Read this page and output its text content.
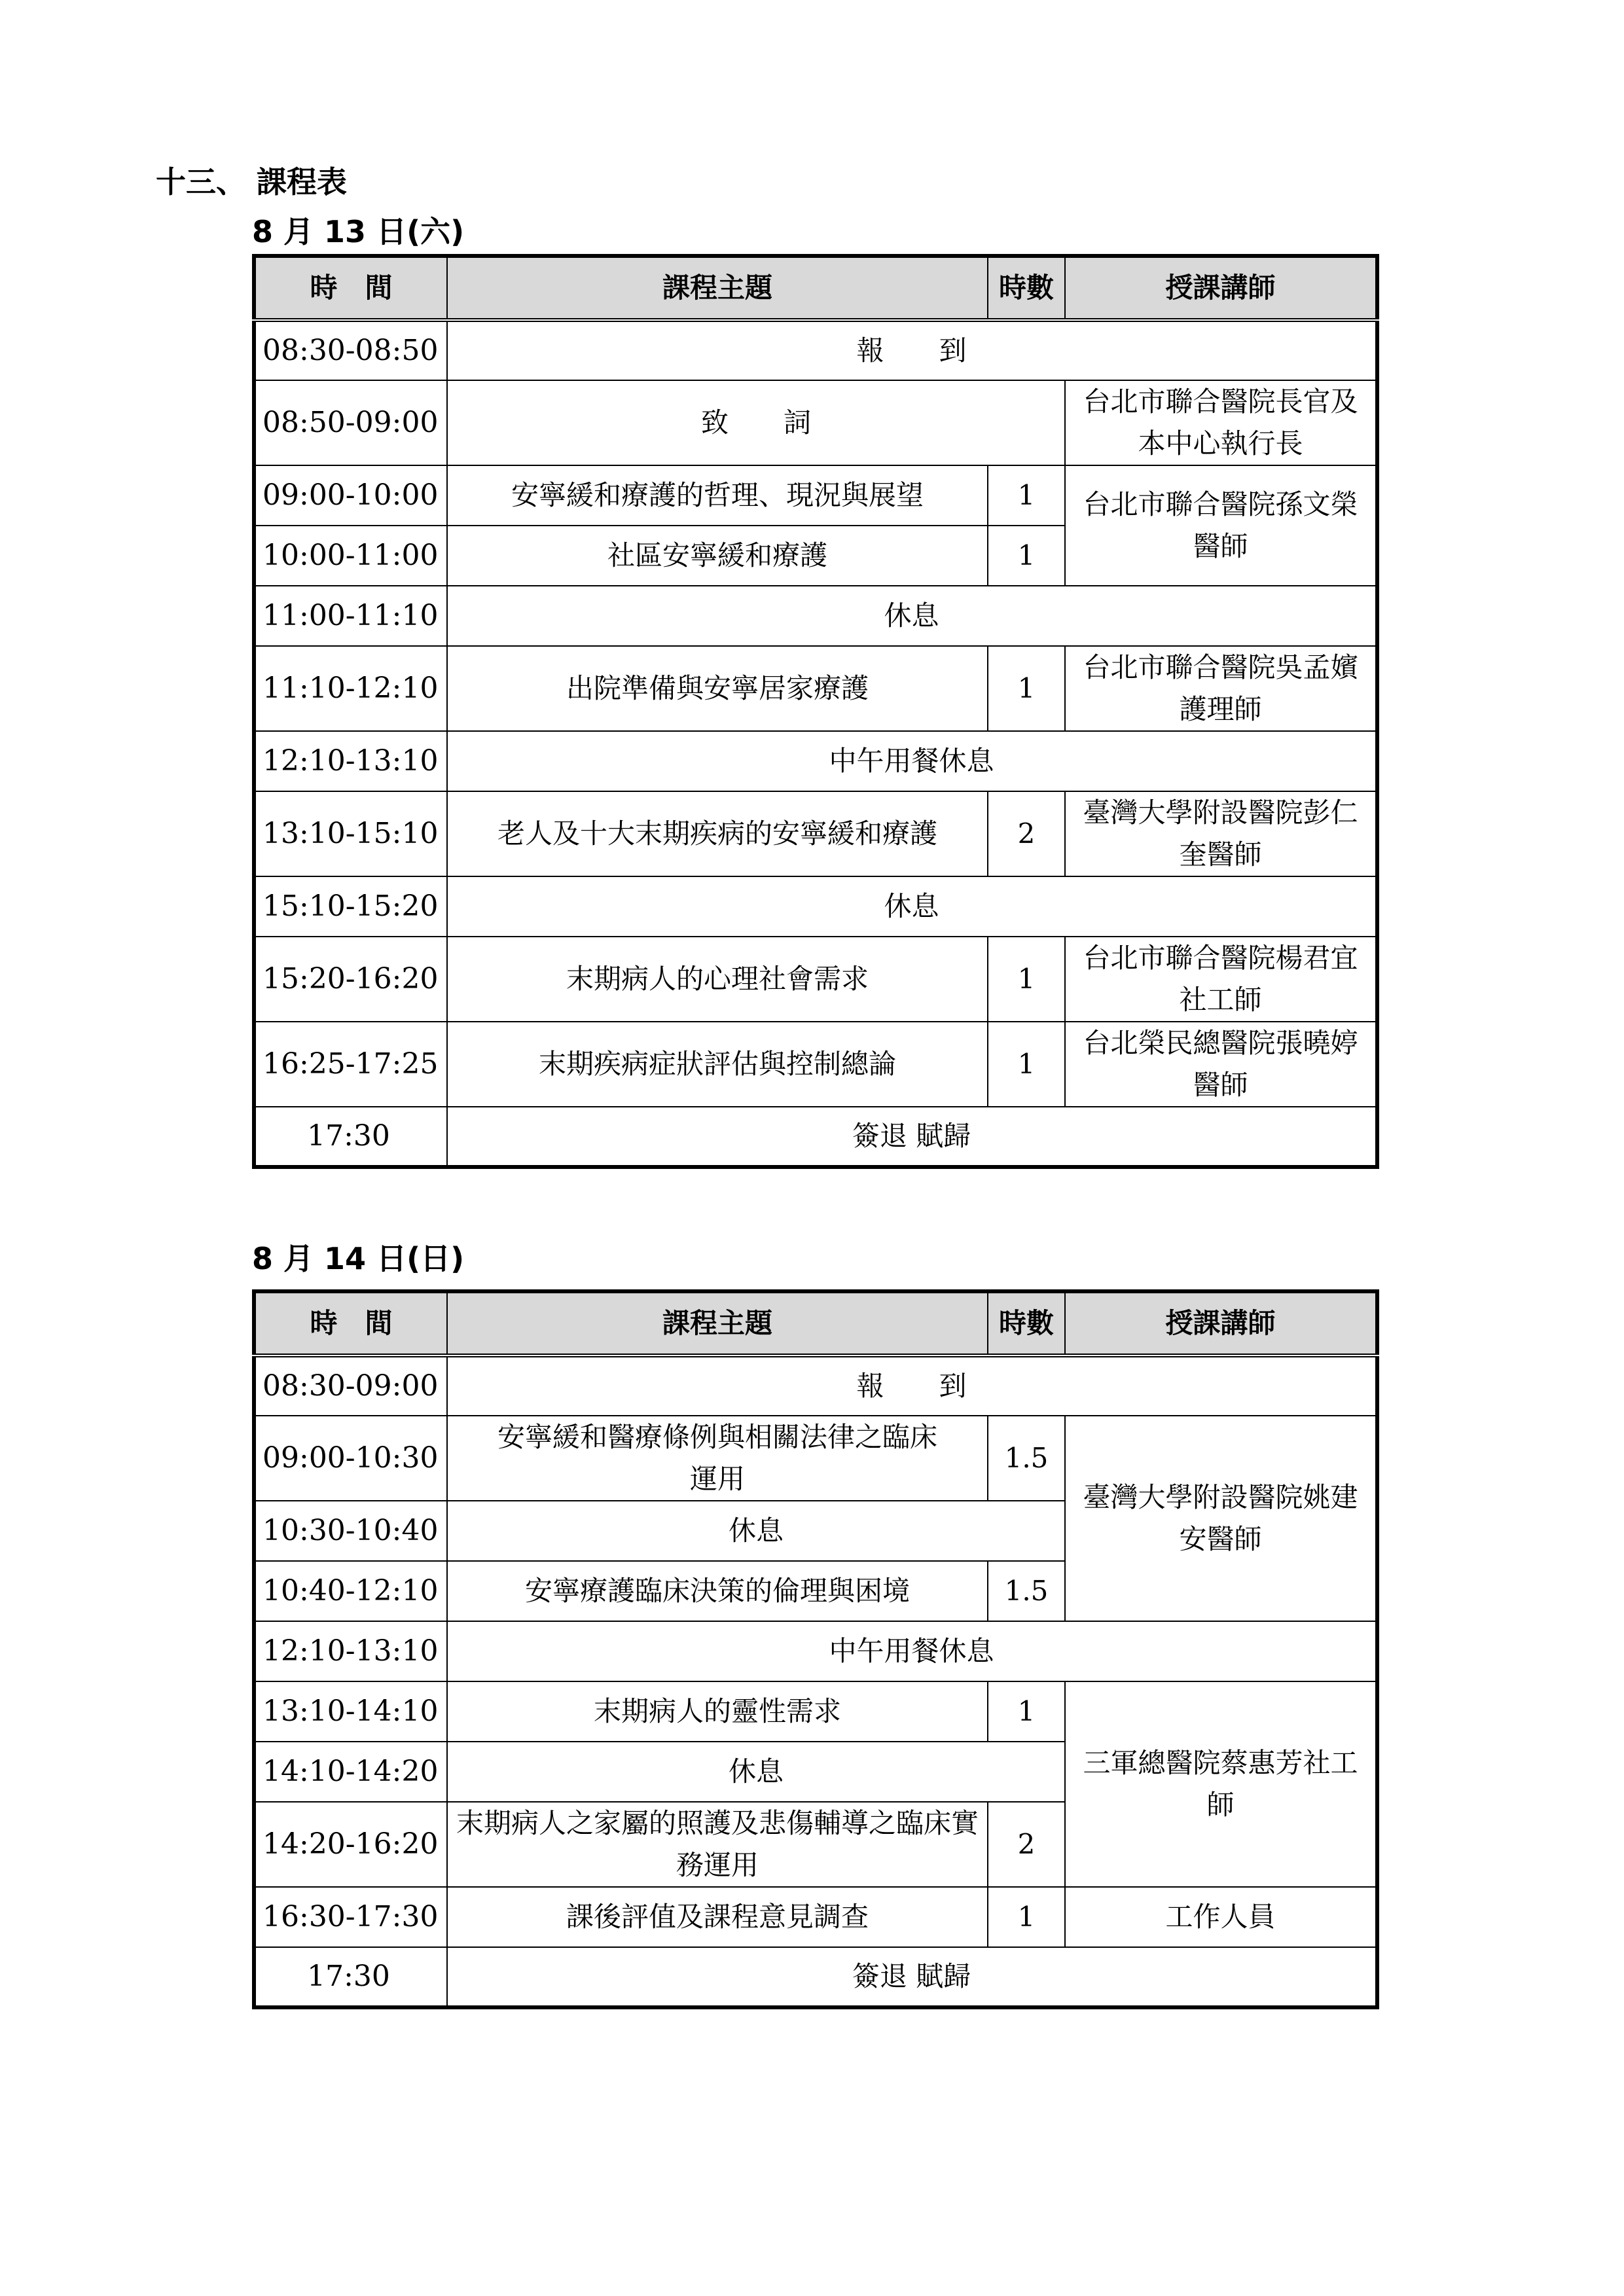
十三、 課程表
8 月 13 日(六)
時　間	課程主題	時數	授課講師
08:30-08:50	報　　到		
08:50-09:00	致　　詞		台北市聯合醫院長官及本中心執行長
09:00-10:00	安寧緩和療護的哲理、現況與展望	1	台北市聯合醫院孫文榮醫師
10:00-11:00	社區安寧緩和療護	1	
11:00-11:10	休息		
11:10-12:10	出院準備與安寧居家療護	1	台北市聯合醫院吳孟嬪護理師
12:10-13:10	中午用餐休息		
13:10-15:10	老人及十大末期疾病的安寧緩和療護	2	臺灣大學附設醫院彭仁奎醫師
15:10-15:20	休息		
15:20-16:20	末期病人的心理社會需求	1	台北市聯合醫院楊君宜社工師
16:25-17:25	末期疾病症狀評估與控制總論	1	台北榮民總醫院張曉婷醫師
17:30	簽退 賦歸		
8 月 14 日(日)
時　間	課程主題	時數	授課講師
08:30-09:00	報　　到		
09:00-10:30	安寧緩和醫療條例與相關法律之臨床運用	1.5	臺灣大學附設醫院姚建安醫師
10:30-10:40	休息		
10:40-12:10	安寧療護臨床決策的倫理與困境	1.5	
12:10-13:10	中午用餐休息		
13:10-14:10	末期病人的靈性需求	1	三軍總醫院蔡惠芳社工師
14:10-14:20	休息		
14:20-16:20	末期病人之家屬的照護及悲傷輔導之臨床實務運用	2	
16:30-17:30	課後評值及課程意見調查	1	工作人員
17:30	簽退 賦歸		
